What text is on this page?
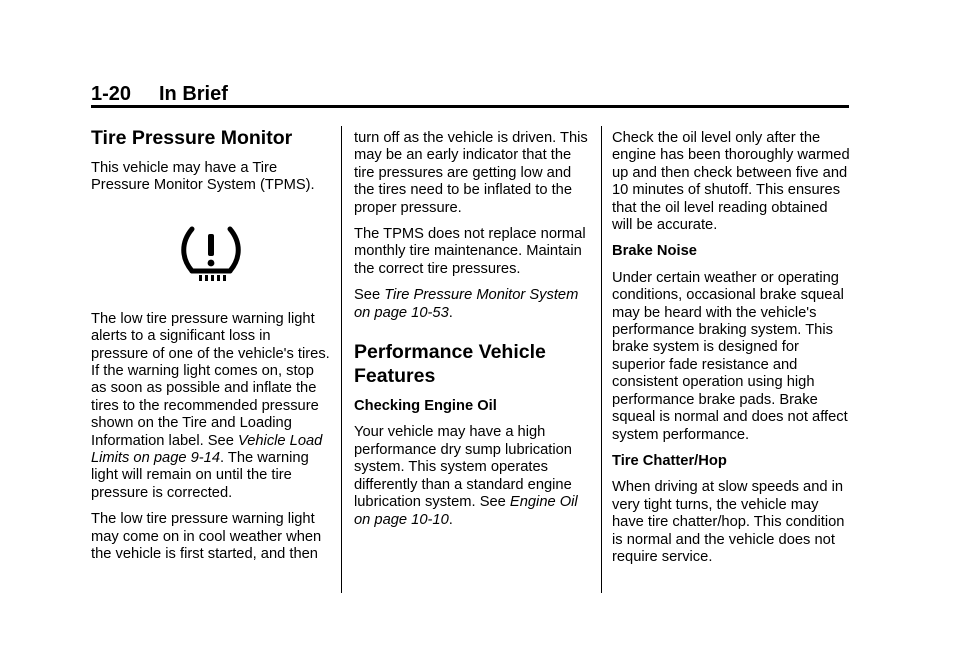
1-20 In Brief
Tire Pressure Monitor

This vehicle may have a Tire Pressure Monitor System (TPMS).

The low tire pressure warning light alerts to a significant loss in pressure of one of the vehicle's tires. If the warning light comes on, stop as soon as possible and inflate the tires to the recommended pressure shown on the Tire and Loading Information label. See Vehicle Load Limits on page 9-14. The warning light will remain on until the tire pressure is corrected.

The low tire pressure warning light may come on in cool weather when the vehicle is first started, and then

turn off as the vehicle is driven. This may be an early indicator that the tire pressures are getting low and the tires need to be inflated to the proper pressure.

The TPMS does not replace normal monthly tire maintenance. Maintain the correct tire pressures.

See Tire Pressure Monitor System on page 10-53.

Performance Vehicle Features

Checking Engine Oil

Your vehicle may have a high performance dry sump lubrication system. This system operates differently than a standard engine lubrication system. See Engine Oil on page 10-10.

Check the oil level only after the engine has been thoroughly warmed up and then check between five and 10 minutes of shutoff. This ensures that the oil level reading obtained will be accurate.

Brake Noise

Under certain weather or operating conditions, occasional brake squeal may be heard with the vehicle's performance braking system. This brake system is designed for superior fade resistance and consistent operation using high performance brake pads. Brake squeal is normal and does not affect system performance.

Tire Chatter/Hop

When driving at slow speeds and in very tight turns, the vehicle may have tire chatter/hop. This condition is normal and the vehicle does not require service.
